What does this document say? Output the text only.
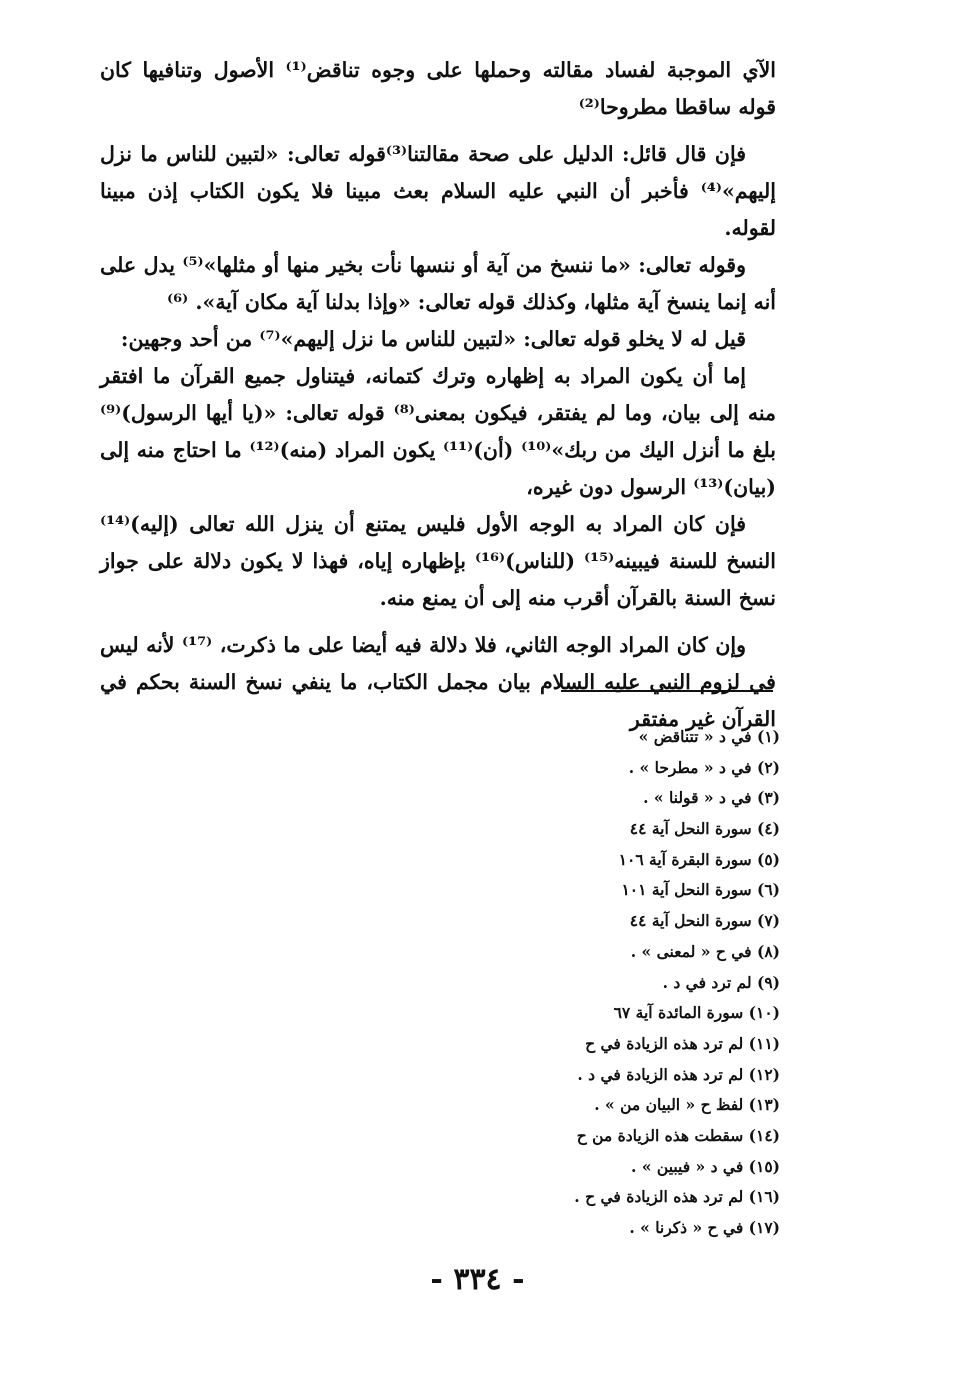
الآي الموجبة لفساد مقالته وحملها على وجوه تناقض⁽¹⁾ الأصول وتنافيها كان قوله ساقطا مطروحا⁽²⁾

فإن قال قائل: الدليل على صحة مقالتنا⁽³⁾قوله تعالى: «لتبين للناس ما نزل إليهم»⁽⁴⁾ فأخبر أن النبي عليه السلام بعث مبينا فلا يكون الكتاب إذن مبينا لقوله.

وقوله تعالى: «ما ننسخ من آية أو ننسها نأت بخير منها أو مثلها»⁽⁵⁾ يدل على أنه إنما ينسخ آية مثلها، وكذلك قوله تعالى: «وإذا بدلنا آية مكان آية». ⁽⁶⁾

قيل له لا يخلو قوله تعالى: «لتبين للناس ما نزل إليهم»⁽⁷⁾ من أحد وجهين:

إما أن يكون المراد به إظهاره وترك كتمانه، فيتناول جميع القرآن ما افتقر منه إلى بيان، وما لم يفتقر، فيكون بمعنى⁽⁸⁾ قوله تعالى: «(يا أيها الرسول)⁽⁹⁾ بلغ ما أنزل اليك من ربك»⁽¹⁰⁾ (أن)⁽¹¹⁾ يكون المراد (منه)⁽¹²⁾ ما احتاج منه إلى (بيان)⁽¹³⁾ الرسول دون غيره،

فإن كان المراد به الوجه الأول فليس يمتنع أن ينزل الله تعالى (إليه)⁽¹⁴⁾ النسخ للسنة فيبينه⁽¹⁵⁾ (للناس)⁽¹⁶⁾ بإظهاره إياه، فهذا لا يكون دلالة على جواز نسخ السنة بالقرآن أقرب منه إلى أن يمنع منه.

وإن كان المراد الوجه الثاني، فلا دلالة فيه أيضا على ما ذكرت، ⁽¹⁷⁾ لأنه ليس في لزوم النبي عليه السلام بيان مجمل الكتاب، ما ينفي نسخ السنة بحكم في القرآن غير مفتقر

(١) في د « تتناقض »
(٢) في د « مطرحا » .
(٣) في د « قولنا » .
(٤) سورة النحل آية ٤٤
(٥) سورة البقرة آية ١٠٦
(٦) سورة النحل آية ١٠١
(٧) سورة النحل آية ٤٤
(٨) في ح « لمعنى » .
(٩) لم ترد في د .
(١٠) سورة المائدة آية ٦٧
(١١) لم ترد هذه الزيادة في ح
(١٢) لم ترد هذه الزيادة في د .
(١٣) لفظ ح « البيان من » .
(١٤) سقطت هذه الزيادة من ح
(١٥) في د « فيبين » .
(١٦) لم ترد هذه الزيادة في ح .
(١٧) في ح « ذكرنا » .
- ٣٣٤ -
